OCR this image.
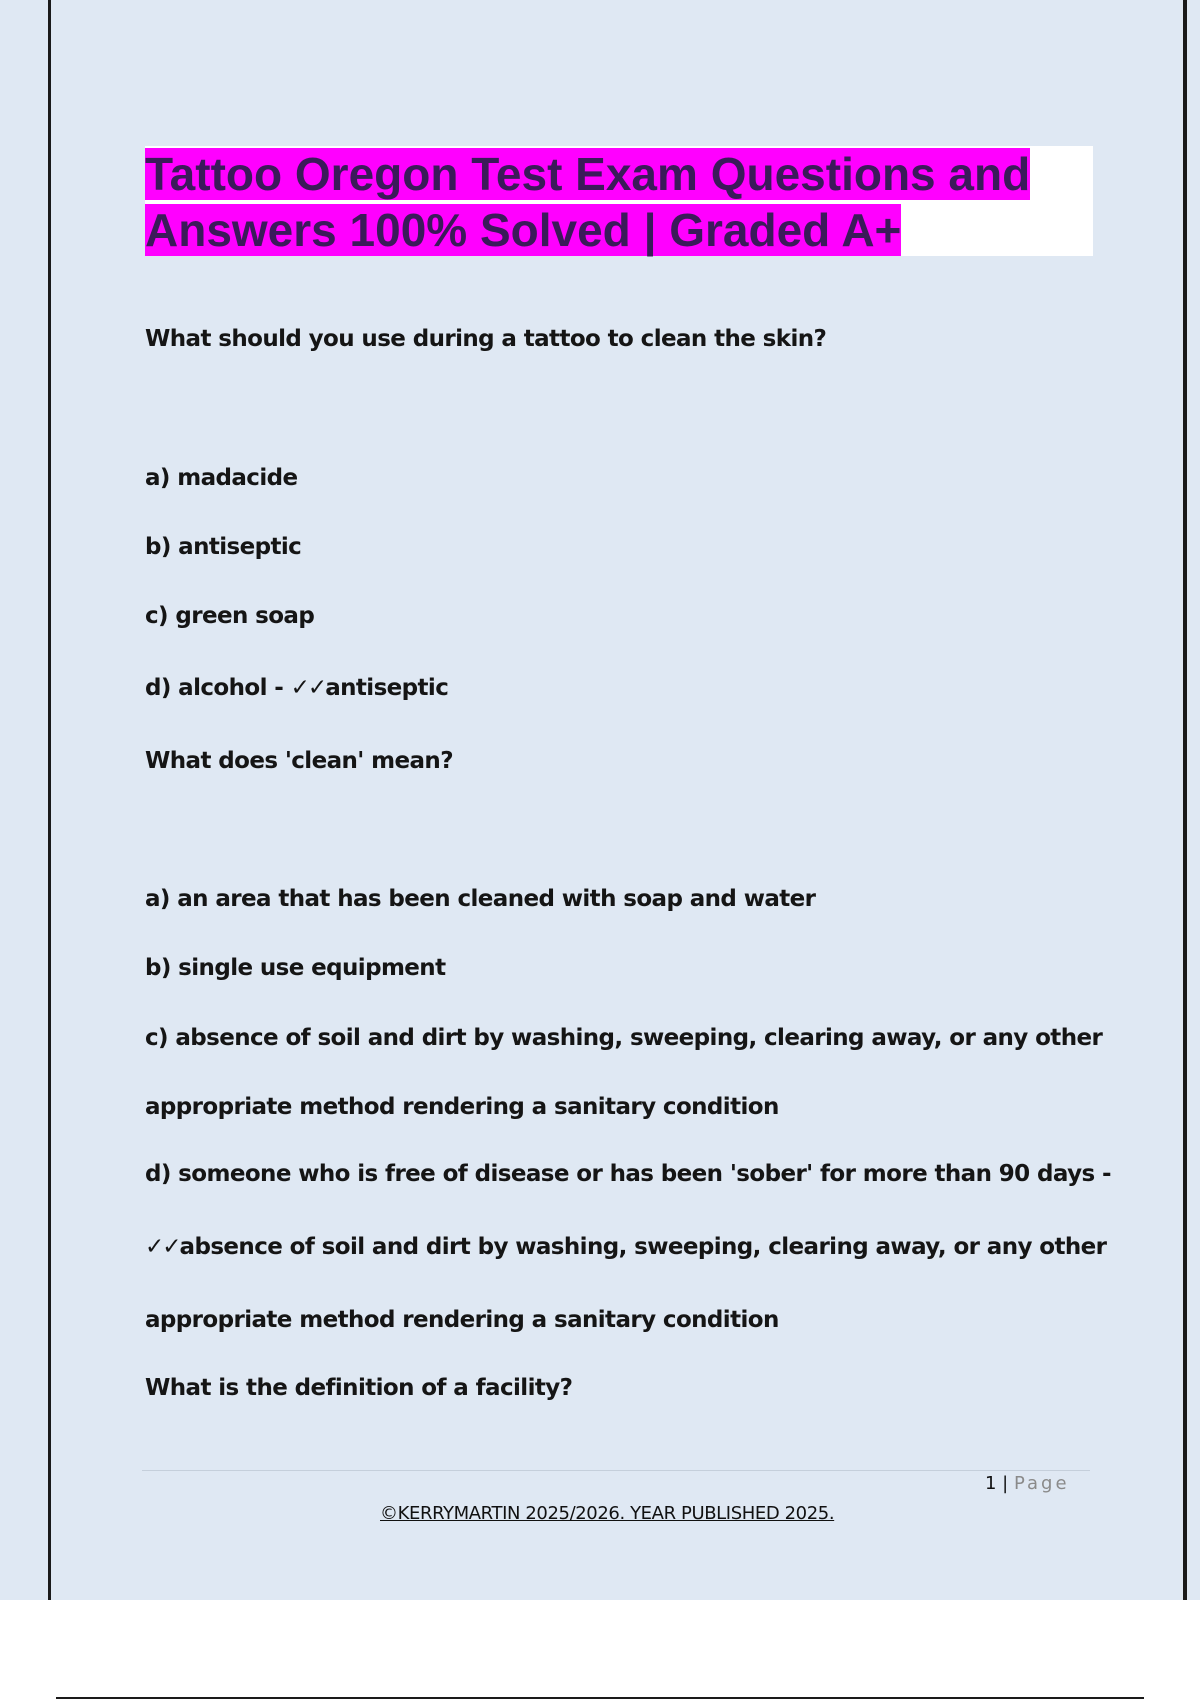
Tattoo Oregon Test Exam Questions and Answers 100% Solved | Graded A+

What should you use during a tattoo to clean the skin?

a) madacide

b) antiseptic

c) green soap

d) alcohol - ✓✓antiseptic

What does 'clean' mean?

a) an area that has been cleaned with soap and water

b) single use equipment

c) absence of soil and dirt by washing, sweeping, clearing away, or any other

appropriate method rendering a sanitary condition

d) someone who is free of disease or has been 'sober' for more than 90 days -

✓✓absence of soil and dirt by washing, sweeping, clearing away, or any other

appropriate method rendering a sanitary condition

What is the definition of a facility?

1 | Page
©KERRYMARTIN 2025/2026. YEAR PUBLISHED 2025.
